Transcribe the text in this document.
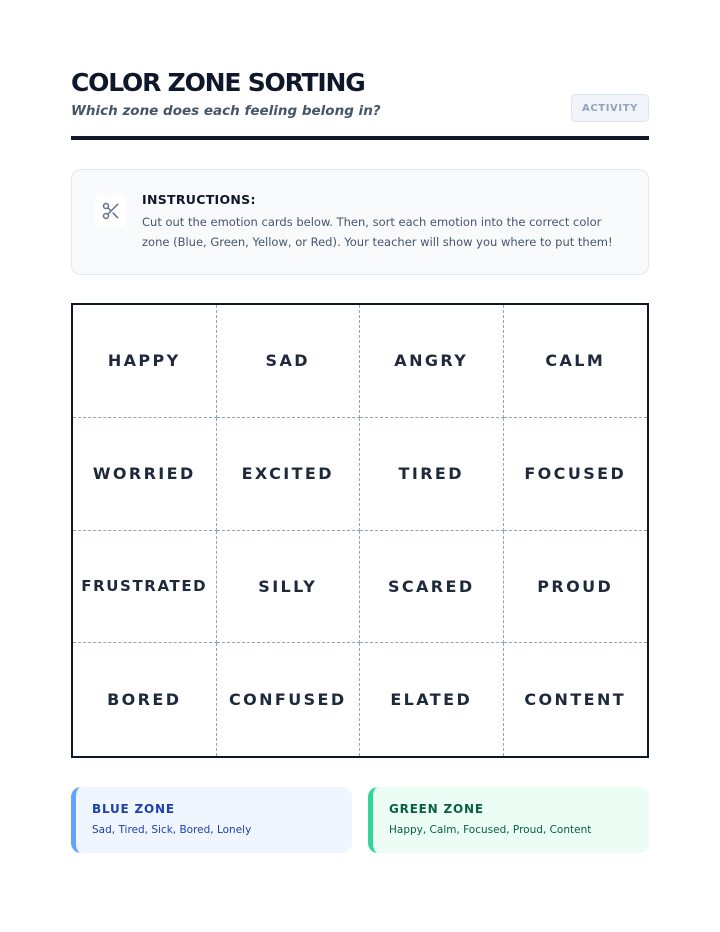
COLOR ZONE SORTING
Which zone does each feeling belong in?	ACTIVITY
INSTRUCTIONS:
Cut out the emotion cards below. Then, sort each emotion into the correct color zone (Blue, Green, Yellow, or Red). Your teacher will show you where to put them!
HAPPY	SAD	ANGRY	CALM
WORRIED	EXCITED	TIRED	FOCUSED
FRUSTRATED	SILLY	SCARED	PROUD
BORED	CONFUSED	ELATED	CONTENT
BLUE ZONE
Sad, Tired, Sick, Bored, Lonely
GREEN ZONE
Happy, Calm, Focused, Proud, Content
